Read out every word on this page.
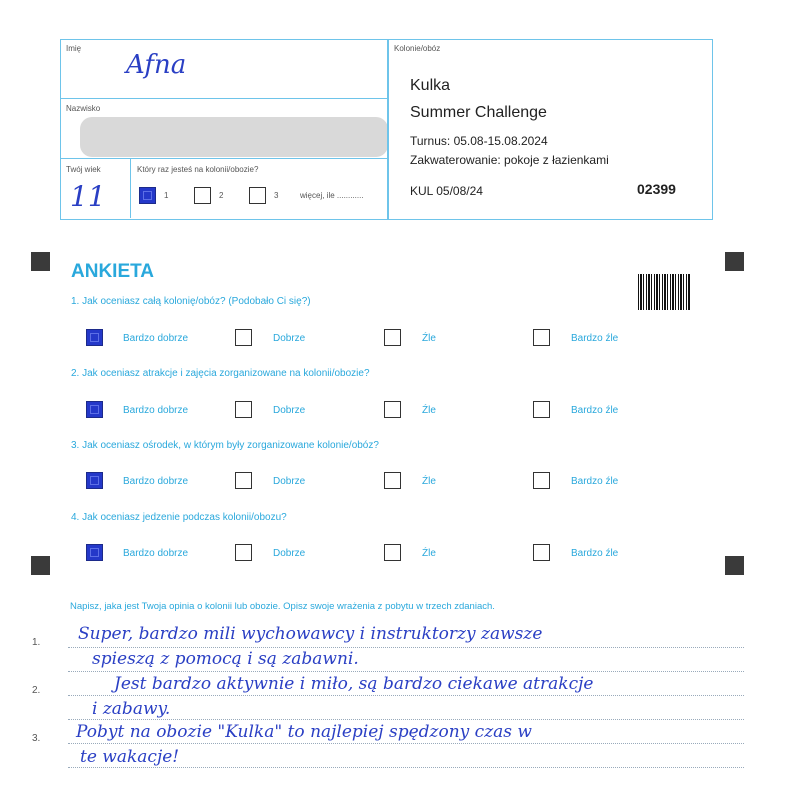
Imię
Afna
Nazwisko
Twój wiek
11
Który raz jesteś na kolonii/obozie?
1	2	3	więcej, ile ............
Kolonie/obóz
Kulka
Summer Challenge
Turnus: 05.08-15.08.2024
Zakwaterowanie: pokoje z łazienkami
KUL 05/08/24	02399
ANKIETA
1. Jak oceniasz całą kolonię/obóz? (Podobało Ci się?)
Bardzo dobrze	Dobrze	Źle	Bardzo źle
2. Jak oceniasz atrakcje i zajęcia zorganizowane na kolonii/obozie?
Bardzo dobrze	Dobrze	Źle	Bardzo źle
3. Jak oceniasz ośrodek, w którym były zorganizowane kolonie/obóz?
Bardzo dobrze	Dobrze	Źle	Bardzo źle
4. Jak oceniasz jedzenie podczas kolonii/obozu?
Bardzo dobrze	Dobrze	Źle	Bardzo źle
Napisz, jaka jest Twoja opinia o kolonii lub obozie. Opisz swoje wrażenia z pobytu w trzech zdaniach.
1.
2.
3.
Super, bardzo mili wychowawcy i instruktorzy zawsze
spieszą z pomocą i są zabawni.
Jest bardzo aktywnie i miło, są bardzo ciekawe atrakcje
i zabawy.
Pobyt na obozie "Kulka" to najlepiej spędzony czas w
te wakacje!
